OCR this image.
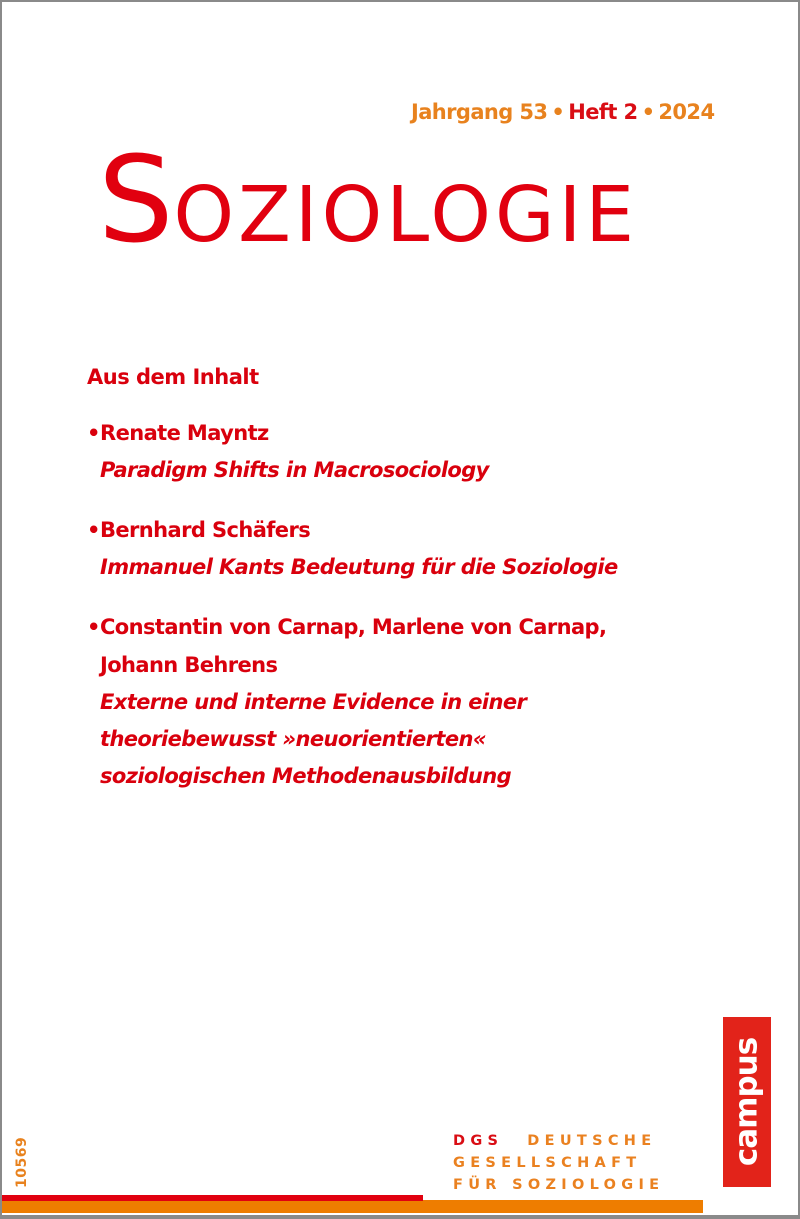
Jahrgang 53 • Heft 2 • 2024
SOZIOLOGIE
Aus dem Inhalt
• Renate Mayntz
Paradigm Shifts in Macrosociology
• Bernhard Schäfers
Immanuel Kants Bedeutung für die Soziologie
• Constantin von Carnap, Marlene von Carnap,
Johann Behrens
Externe und interne Evidence in einer
theoriebewusst »neuorientierten«
soziologischen Methodenausbildung
10569	DGS DEUTSCHE
GESELLSCHAFT
FÜR SOZIOLOGIE
campus
